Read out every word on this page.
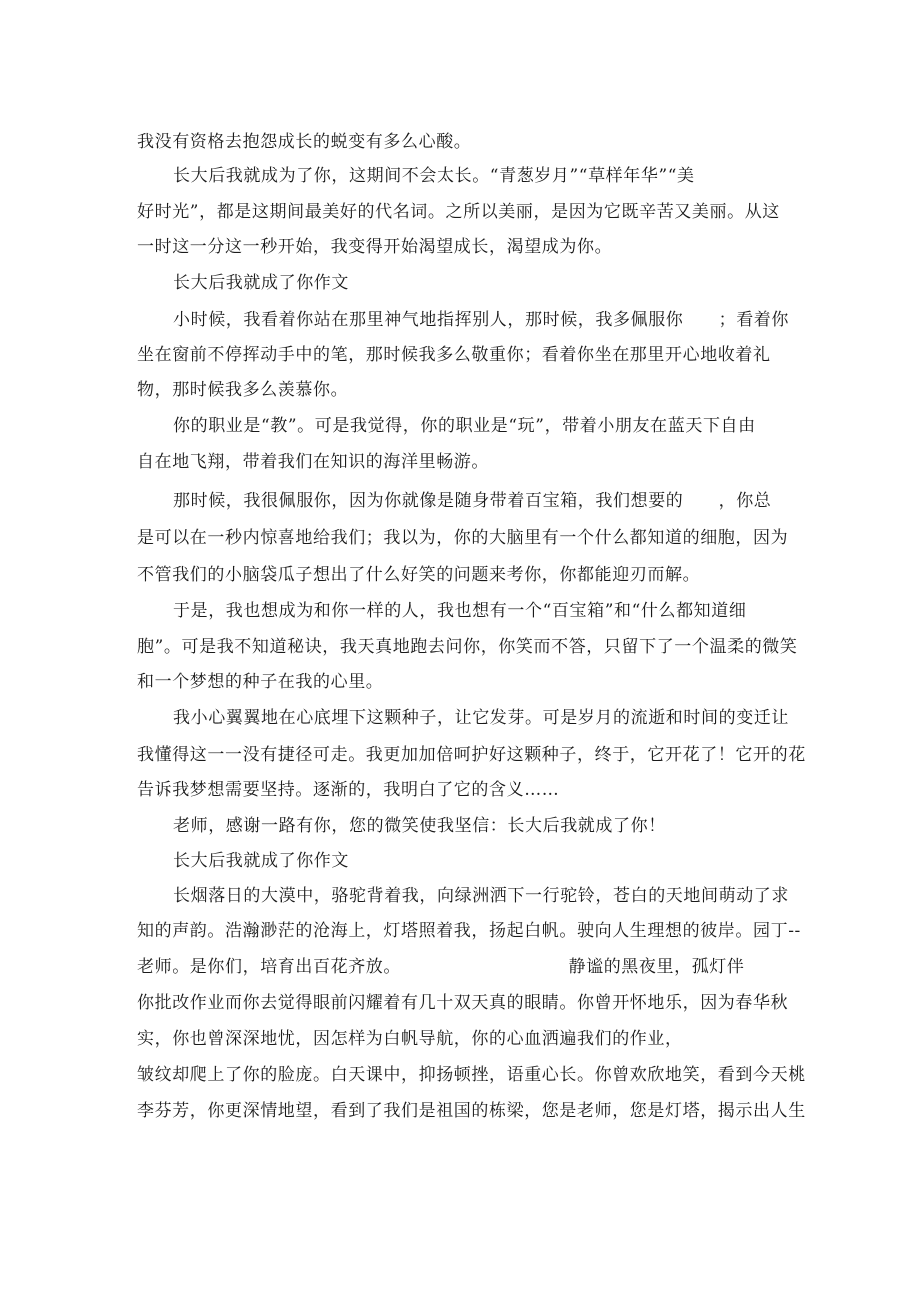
我没有资格去抱怨成长的蜕变有多么心酸。
长大后我就成为了你，这期间不会太长。“青葱岁月”“草样年华”“美
好时光”，都是这期间最美好的代名词。之所以美丽，是因为它既辛苦又美丽。从这
一时这一分这一秒开始，我变得开始渴望成长，渴望成为你。
长大后我就成了你作文
小时候，我看着你站在那里神气地指挥别人，那时候，我多佩服你　　；看着你
坐在窗前不停挥动手中的笔，那时候我多么敬重你；看着你坐在那里开心地收着礼
物，那时候我多么羡慕你。
你的职业是“教”。可是我觉得，你的职业是“玩”，带着小朋友在蓝天下自由
自在地飞翔，带着我们在知识的海洋里畅游。
那时候，我很佩服你，因为你就像是随身带着百宝箱，我们想要的　　，你总
是可以在一秒内惊喜地给我们；我以为，你的大脑里有一个什么都知道的细胞，因为
不管我们的小脑袋瓜子想出了什么好笑的问题来考你，你都能迎刃而解。
于是，我也想成为和你一样的人，我也想有一个“百宝箱”和“什么都知道细
胞”。可是我不知道秘诀，我天真地跑去问你，你笑而不答，只留下了一个温柔的微笑
和一个梦想的种子在我的心里。
我小心翼翼地在心底埋下这颗种子，让它发芽。可是岁月的流逝和时间的变迁让
我懂得这一一没有捷径可走。我更加加倍呵护好这颗种子，终于，它开花了！它开的花
告诉我梦想需要坚持。逐渐的，我明白了它的含义……
老师，感谢一路有你，您的微笑使我坚信：长大后我就成了你！
长大后我就成了你作文
长烟落日的大漠中，骆驼背着我，向绿洲洒下一行驼铃，苍白的天地间萌动了求
知的声韵。浩瀚渺茫的沧海上，灯塔照着我，扬起白帆。驶向人生理想的彼岸。园丁--
老师。是你们，培育出百花齐放。　　　　　　　　　　静谧的黑夜里，孤灯伴
你批改作业而你去觉得眼前闪耀着有几十双天真的眼睛。你曾开怀地乐，因为春华秋
实，你也曾深深地忧，因怎样为白帆导航，你的心血洒遍我们的作业，
皱纹却爬上了你的脸庞。白天课中，抑扬顿挫，语重心长。你曾欢欣地笑，看到今天桃
李芬芳，你更深情地望，看到了我们是祖国的栋梁，您是老师，您是灯塔，揭示出人生
